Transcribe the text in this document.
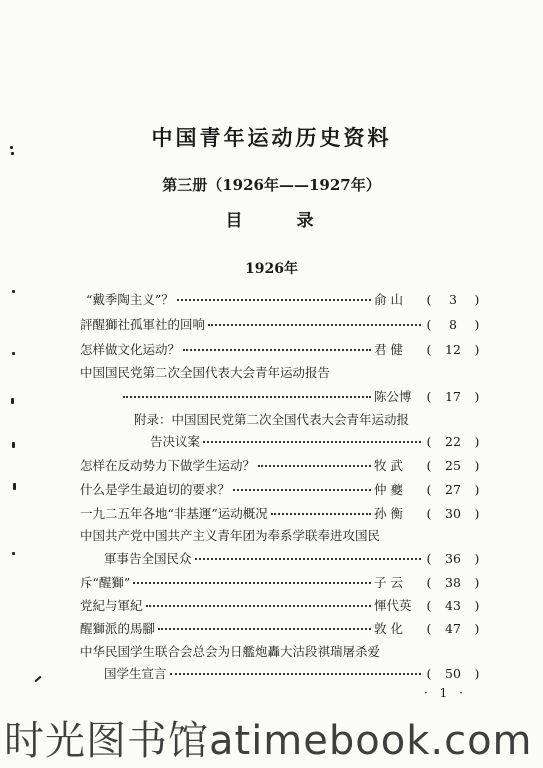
中国青年运动历史资料
第三册（1926年——1927年）
目 录
1926年
“戴季陶主义”？	俞 山	(	3	)
評醒獅社孤軍社的回响	(	8	)
怎样做文化运动？	君 健	(	12	)
中国国民党第二次全国代表大会青年运动报告
陈公博	(	17	)
附录：中国国民党第二次全国代表大会青年运动报
告决议案	(	22	)
怎样在反动势力下做学生运动？	牧 武	(	25	)
什么是学生最迫切的要求？	仲 夔	(	27	)
一九二五年各地“非基運”运动概况	孙 衡	(	30	)
中国共产党中国共产主义青年团为奉系学联奉进攻国民
軍事告全国民众	(	36	)
斥“醒獅”	子 云	(	38	)
党紀与軍紀	惲代英	(	43	)
醒獅派的馬腳	敦 化	(	47	)
中华民国学生联合会总会为日艦炮轟大沽段祺瑞屠杀爱
国学生宣言	(	50	)
· 1 ·
时光图书馆atimebook.com
